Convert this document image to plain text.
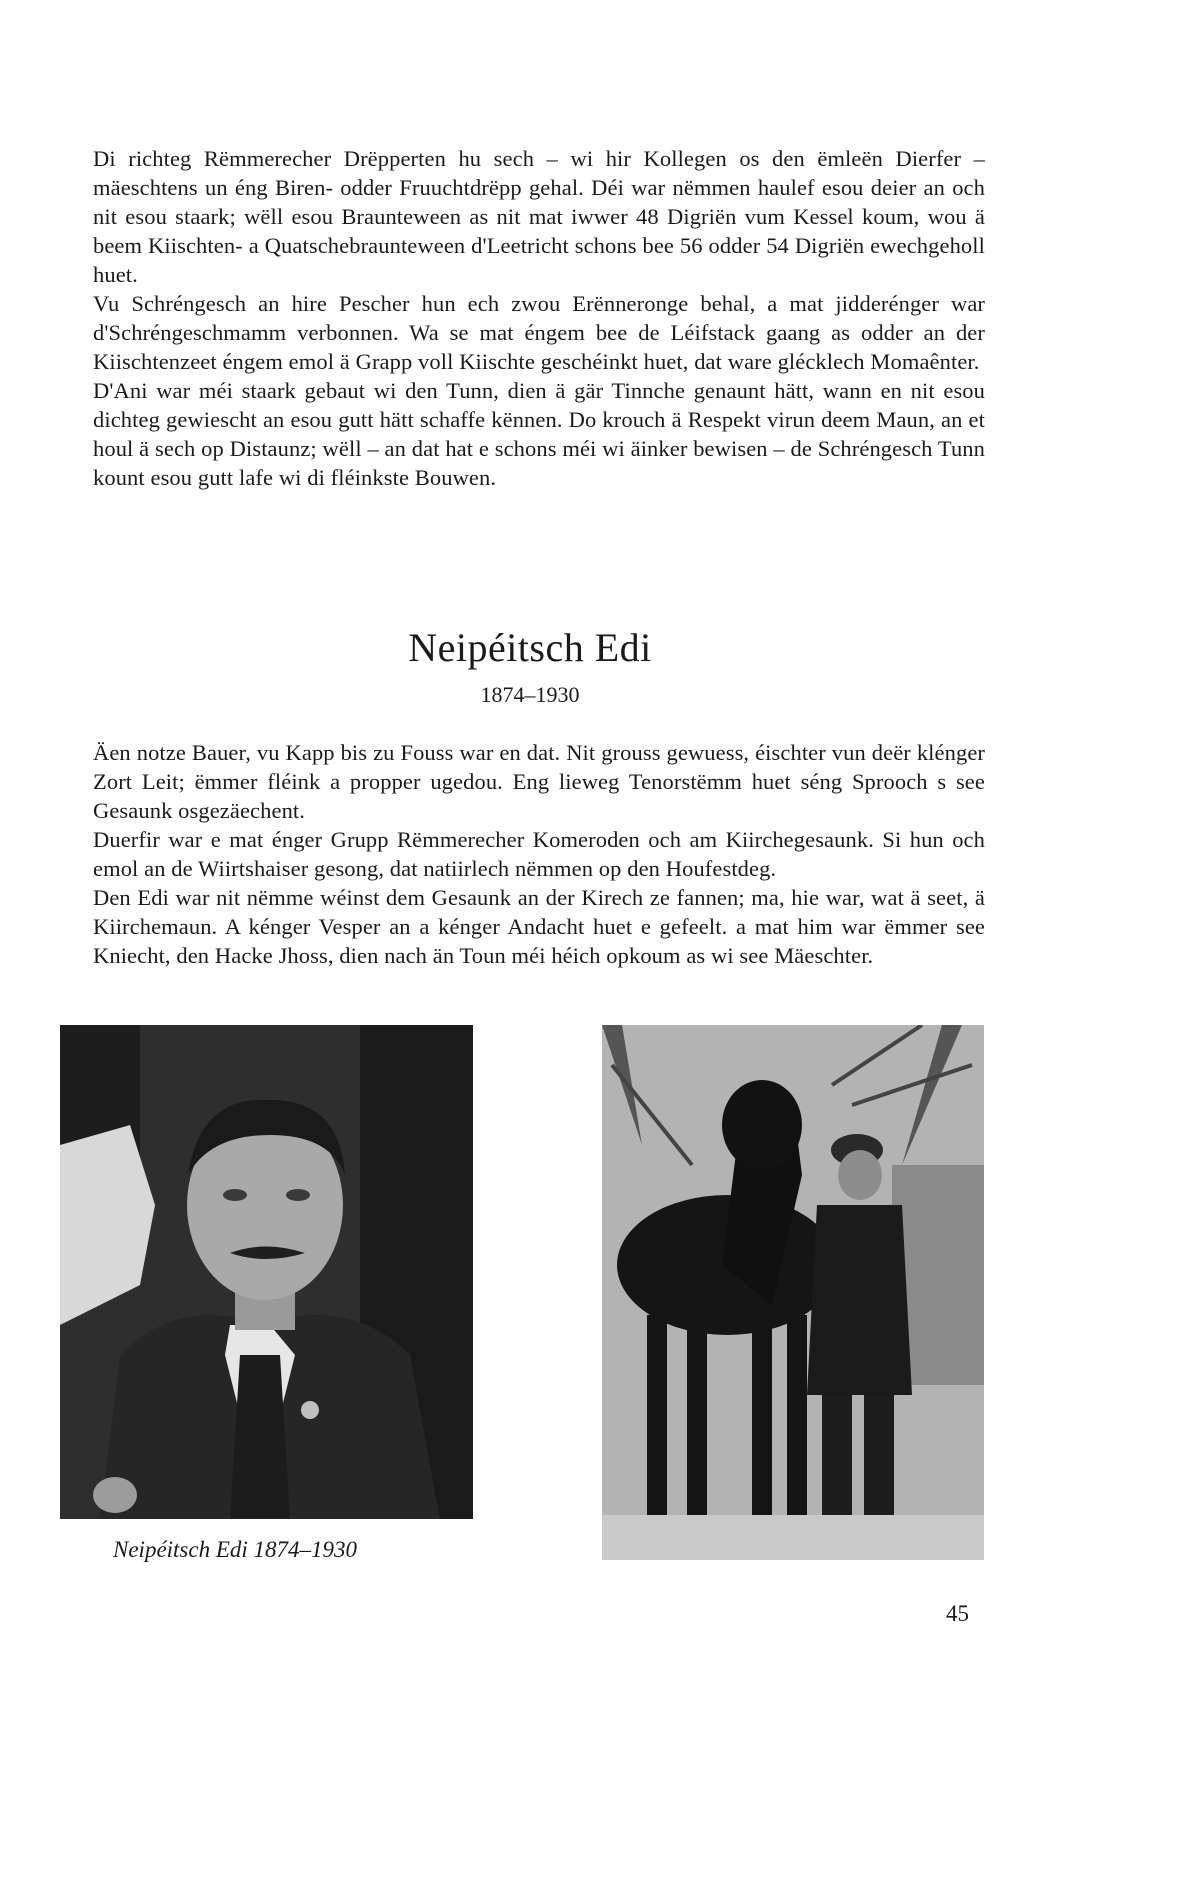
Di richteg Rëmmerecher Drëpperten hu sech – wi hir Kollegen os den ëmleën Dierfer – mäeschtens un éng Biren- odder Fruuchtdrëpp gehal. Déi war nëmmen haulef esou deier an och nit esou staark; wëll esou Braunteween as nit mat iwwer 48 Digriën vum Kessel koum, wou ä beem Kiischten- a Quatschebraunteween d'Leetricht schons bee 56 odder 54 Digriën ewechgeholl huet.

Vu Schréngesch an hire Pescher hun ech zwou Erënneronge behal, a mat jidderénger war d'Schréngeschmamm verbonnen. Wa se mat éngem bee de Léifstack gaang as odder an der Kiischtenzeet éngem emol ä Grapp voll Kiischte geschéinkt huet, dat ware glécklech Momaênter.

D'Ani war méi staark gebaut wi den Tunn, dien ä gär Tinnche genaunt hätt, wann en nit esou dichteg gewiescht an esou gutt hätt schaffe kënnen. Do krouch ä Respekt virun deem Maun, an et houl ä sech op Distaunz; wëll – an dat hat e schons méi wi äinker bewisen – de Schréngesch Tunn kount esou gutt lafe wi di fléinkste Bouwen.

Neipéitsch Edi
1874–1930

Äen notze Bauer, vu Kapp bis zu Fouss war en dat. Nit grouss gewuess, éischter vun deër klénger Zort Leit; ëmmer fléink a propper ugedou. Eng lieweg Tenorstëmm huet séng Sprooch s see Gesaunk osgezäechent.

Duerfir war e mat énger Grupp Rëmmerecher Komeroden och am Kiirchegesaunk. Si hun och emol an de Wiirtshaiser gesong, dat natiirlech nëmmen op den Houfestdeg.

Den Edi war nit nëmme wéinst dem Gesaunk an der Kirech ze fannen; ma, hie war, wat ä seet, ä Kiirchemaun. A kénger Vesper an a kénger Andacht huet e gefeelt. a mat him war ëmmer see Kniecht, den Hacke Jhoss, dien nach än Toun méi héich opkoum as wi see Mäeschter.

Neipéitsch Edi 1874–1930

45
